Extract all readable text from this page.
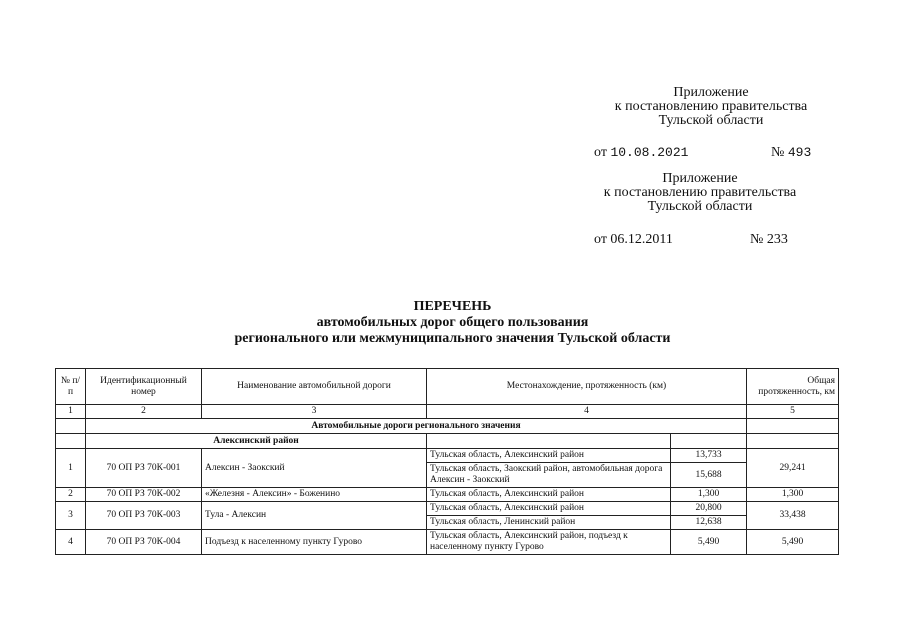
Приложение
к постановлению правительства
Тульской области
от 10.08.2021	№ 493
Приложение
к постановлению правительства
Тульской области
от 06.12.2011	№ 233
ПЕРЕЧЕНЬ
автомобильных дорог общего пользования
регионального или межмуниципального значения Тульской области
№ п/п	Идентификационный номер	Наименование автомобильной дороги	Местонахождение, протяженность (км)		Общая протяженность, км
1	2	3	4		5
	Автомобильные дороги регионального значения				
	Алексинский район				
1	70 ОП РЗ 70К-001	Алексин - Заокский	Тульская область, Алексинский район	13,733	29,241
			Тульская область, Заокский район, автомобильная дорога Алексин - Заокский	15,688	
2	70 ОП РЗ 70К-002	«Железня - Алексин» - Боженино	Тульская область, Алексинский район	1,300	1,300
3	70 ОП РЗ 70К-003	Тула - Алексин	Тульская область, Алексинский район	20,800	33,438
			Тульская область, Ленинский район	12,638	
4	70 ОП РЗ 70К-004	Подъезд к населенному пункту Гурово	Тульская область, Алексинский район, подъезд к населенному пункту Гурово	5,490	5,490
